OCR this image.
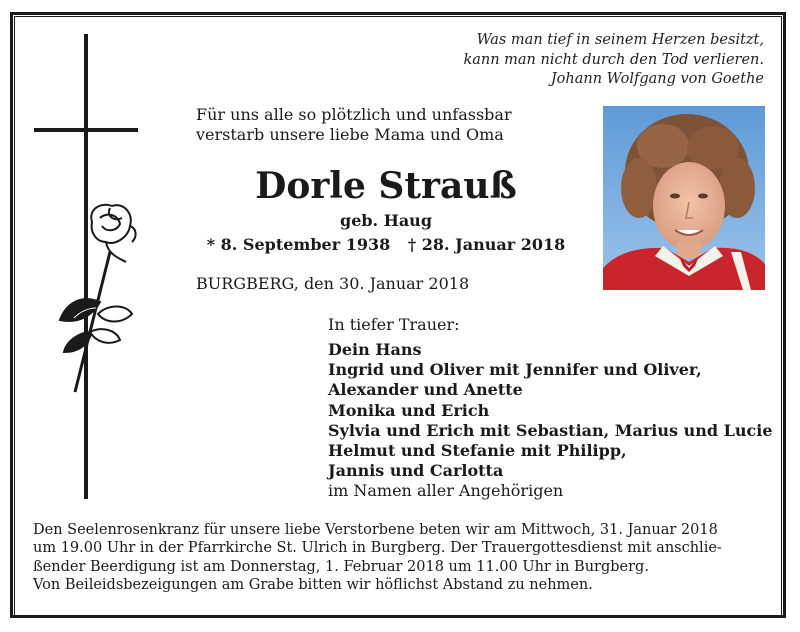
Was man tief in seinem Herzen besitzt,
kann man nicht durch den Tod verlieren.
Johann Wolfgang von Goethe
Für uns alle so plötzlich und unfassbar
verstarb unsere liebe Mama und Oma
Dorle Strauß
geb. Haug
* 8. September 1938 † 28. Januar 2018
BURGBERG, den 30. Januar 2018
In tiefer Trauer:
Dein Hans
Ingrid und Oliver mit Jennifer und Oliver,
Alexander und Anette
Monika und Erich
Sylvia und Erich mit Sebastian, Marius und Lucie
Helmut und Stefanie mit Philipp,
Jannis und Carlotta
im Namen aller Angehörigen
Den Seelenrosenkranz für unsere liebe Verstorbene beten wir am Mittwoch, 31. Januar 2018
um 19.00 Uhr in der Pfarrkirche St. Ulrich in Burgberg. Der Trauergottesdienst mit anschlie-
ßender Beerdigung ist am Donnerstag, 1. Februar 2018 um 11.00 Uhr in Burgberg.
Von Beileidsbezeigungen am Grabe bitten wir höflichst Abstand zu nehmen.
